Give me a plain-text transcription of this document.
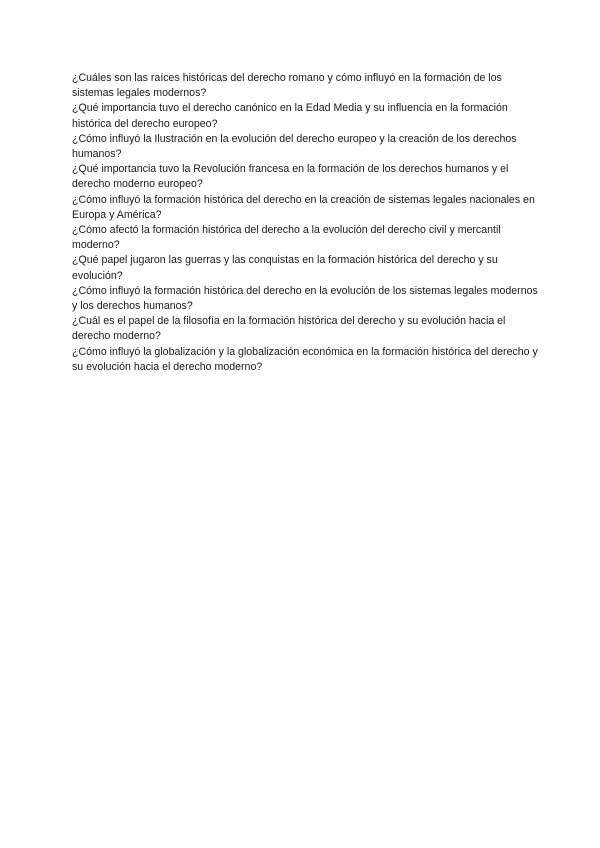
¿Cuáles son las raíces históricas del derecho romano y cómo influyó en la formación de los sistemas legales modernos?
¿Qué importancia tuvo el derecho canónico en la Edad Media y su influencia en la formación histórica del derecho europeo?
¿Cómo influyó la Ilustración en la evolución del derecho europeo y la creación de los derechos humanos?
¿Qué importancia tuvo la Revolución francesa en la formación de los derechos humanos y el derecho moderno europeo?
¿Cómo influyó la formación histórica del derecho en la creación de sistemas legales nacionales en Europa y América?
¿Cómo afectó la formación histórica del derecho a la evolución del derecho civil y mercantil moderno?
¿Qué papel jugaron las guerras y las conquistas en la formación histórica del derecho y su evolución?
¿Cómo influyó la formación histórica del derecho en la evolución de los sistemas legales modernos y los derechos humanos?
¿Cuál es el papel de la filosofía en la formación histórica del derecho y su evolución hacia el derecho moderno?
¿Cómo influyó la globalización y la globalización económica en la formación histórica del derecho y su evolución hacia el derecho moderno?
